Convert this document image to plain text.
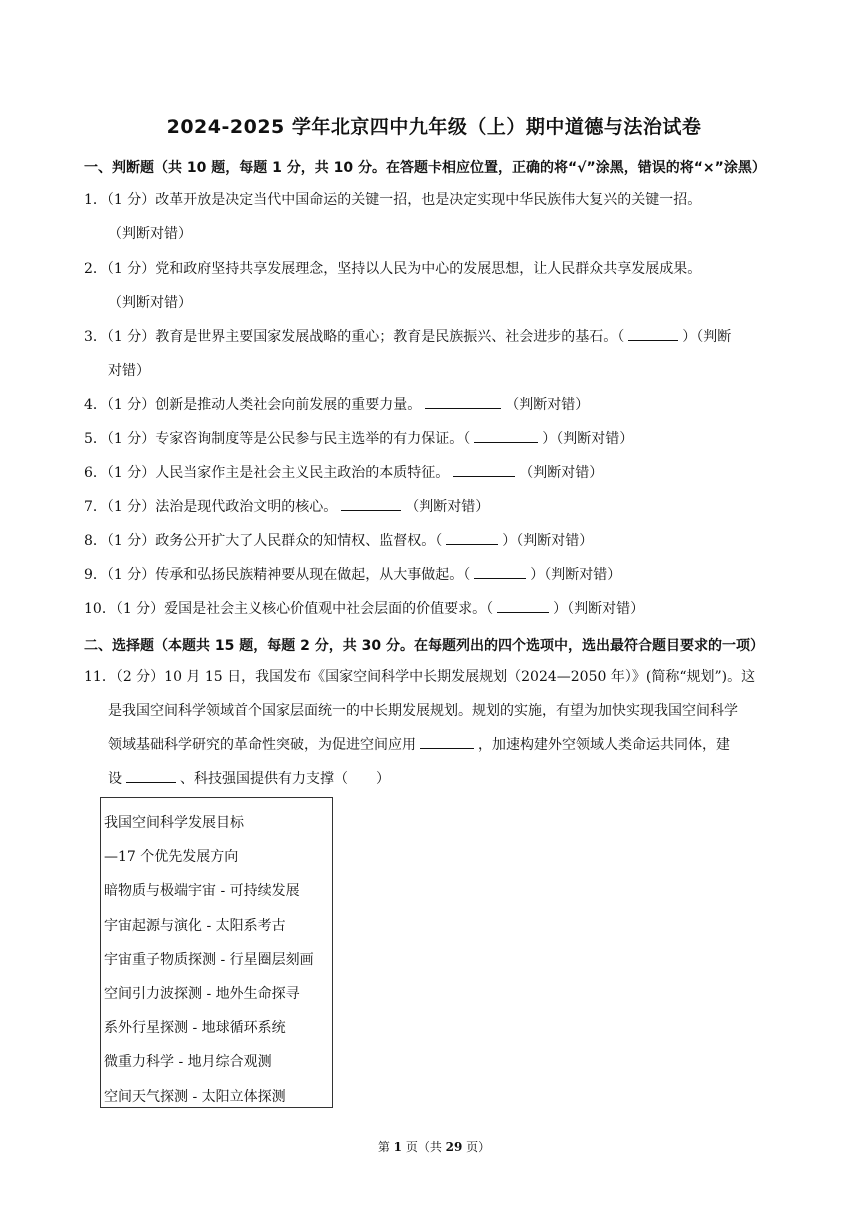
2024-2025 学年北京四中九年级（上）期中道德与法治试卷
一、判断题（共 10 题，每题 1 分，共 10 分。在答题卡相应位置，正确的将“√”涂黑，错误的将“×”涂黑）
1．（1 分）改革开放是决定当代中国命运的关键一招，也是决定实现中华民族伟大复兴的关键一招。
（判断对错）
2．（1 分）党和政府坚持共享发展理念，坚持以人民为中心的发展思想，让人民群众共享发展成果。
（判断对错）
3．（1 分）教育是世界主要国家发展战略的重心；教育是民族振兴、社会进步的基石。（	）（判断
对错）
4．（1 分）创新是推动人类社会向前发展的重要力量。	（判断对错）
5．（1 分）专家咨询制度等是公民参与民主选举的有力保证。（	）（判断对错）
6．（1 分）人民当家作主是社会主义民主政治的本质特征。	（判断对错）
7．（1 分）法治是现代政治文明的核心。	（判断对错）
8．（1 分）政务公开扩大了人民群众的知情权、监督权。（	）（判断对错）
9．（1 分）传承和弘扬民族精神要从现在做起，从大事做起。（	）（判断对错）
10．（1 分）爱国是社会主义核心价值观中社会层面的价值要求。（	）（判断对错）
二、选择题（本题共 15 题，每题 2 分，共 30 分。在每题列出的四个选项中，选出最符合题目要求的一项）
11．（2 分）10 月 15 日，我国发布《国家空间科学中长期发展规划（2024—2050 年）》(简称“规划”)。这
是我国空间科学领域首个国家层面统一的中长期发展规划。规划的实施，有望为加快实现我国空间科学
领域基础科学研究的革命性突破，为促进空间应用	，加速构建外空领域人类命运共同体，建
设	、科技强国提供有力支撑（　　）
我国空间科学发展目标
—17 个优先发展方向
暗物质与极端宇宙 - 可持续发展
宇宙起源与演化 - 太阳系考古
宇宙重子物质探测 - 行星圈层刻画
空间引力波探测 - 地外生命探寻
系外行星探测 - 地球循环系统
微重力科学 - 地月综合观测
空间天气探测 - 太阳立体探测
第 1 页（共 29 页）
